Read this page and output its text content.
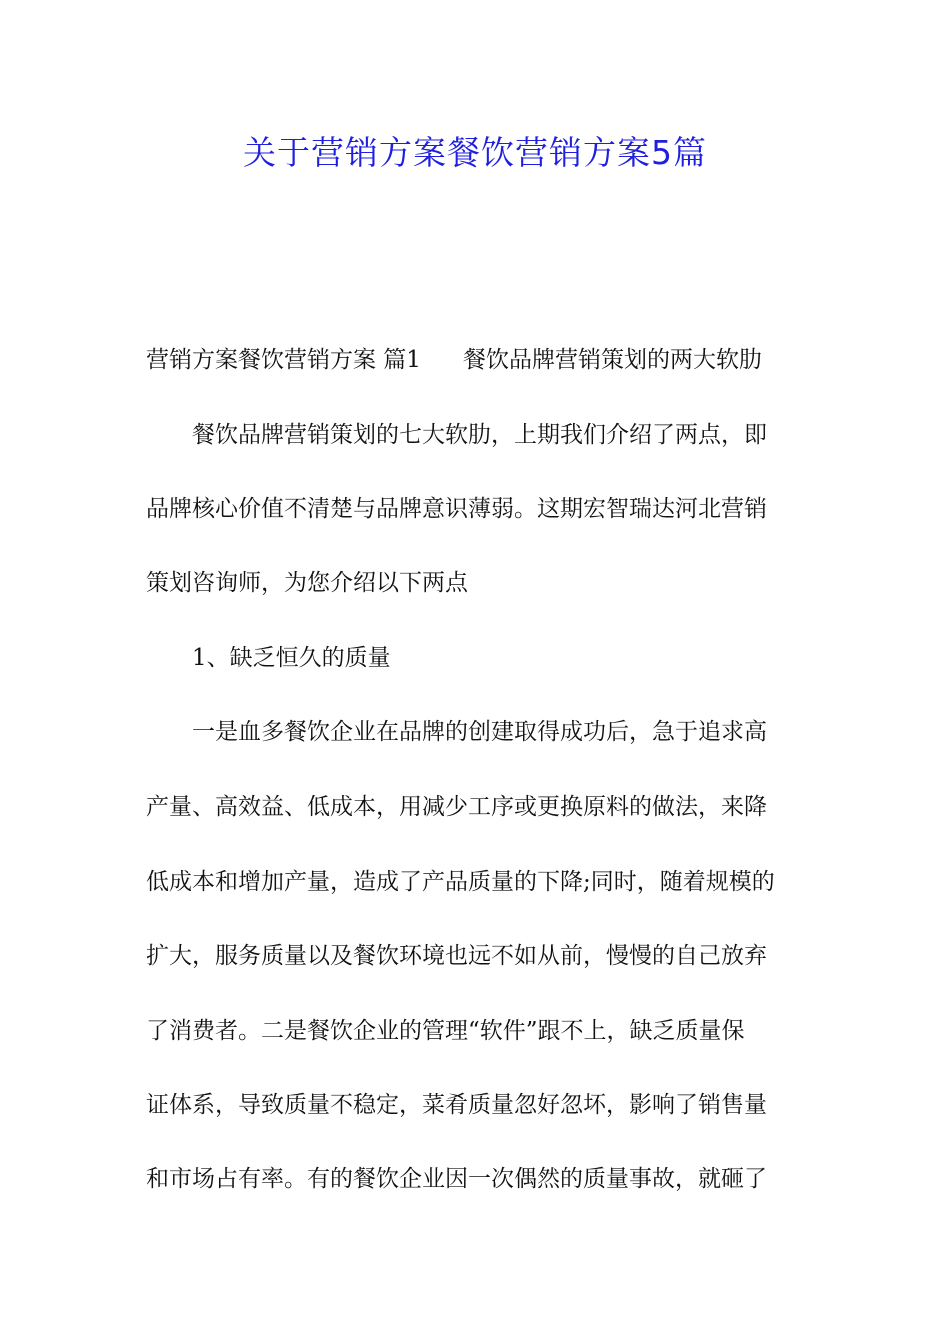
关于营销方案餐饮营销方案5篇
营销方案餐饮营销方案 篇1 餐饮品牌营销策划的两大软肋
　　餐饮品牌营销策划的七大软肋，上期我们介绍了两点，即
品牌核心价值不清楚与品牌意识薄弱。这期宏智瑞达河北营销
策划咨询师，为您介绍以下两点
　　1、缺乏恒久的质量
　　一是血多餐饮企业在品牌的创建取得成功后，急于追求高
产量、高效益、低成本，用减少工序或更换原料的做法，来降
低成本和增加产量，造成了产品质量的下降;同时，随着规模的
扩大，服务质量以及餐饮环境也远不如从前，慢慢的自己放弃
了消费者。二是餐饮企业的管理“软件”跟不上，缺乏质量保
证体系，导致质量不稳定，菜肴质量忽好忽坏，影响了销售量
和市场占有率。有的餐饮企业因一次偶然的质量事故，就砸了
